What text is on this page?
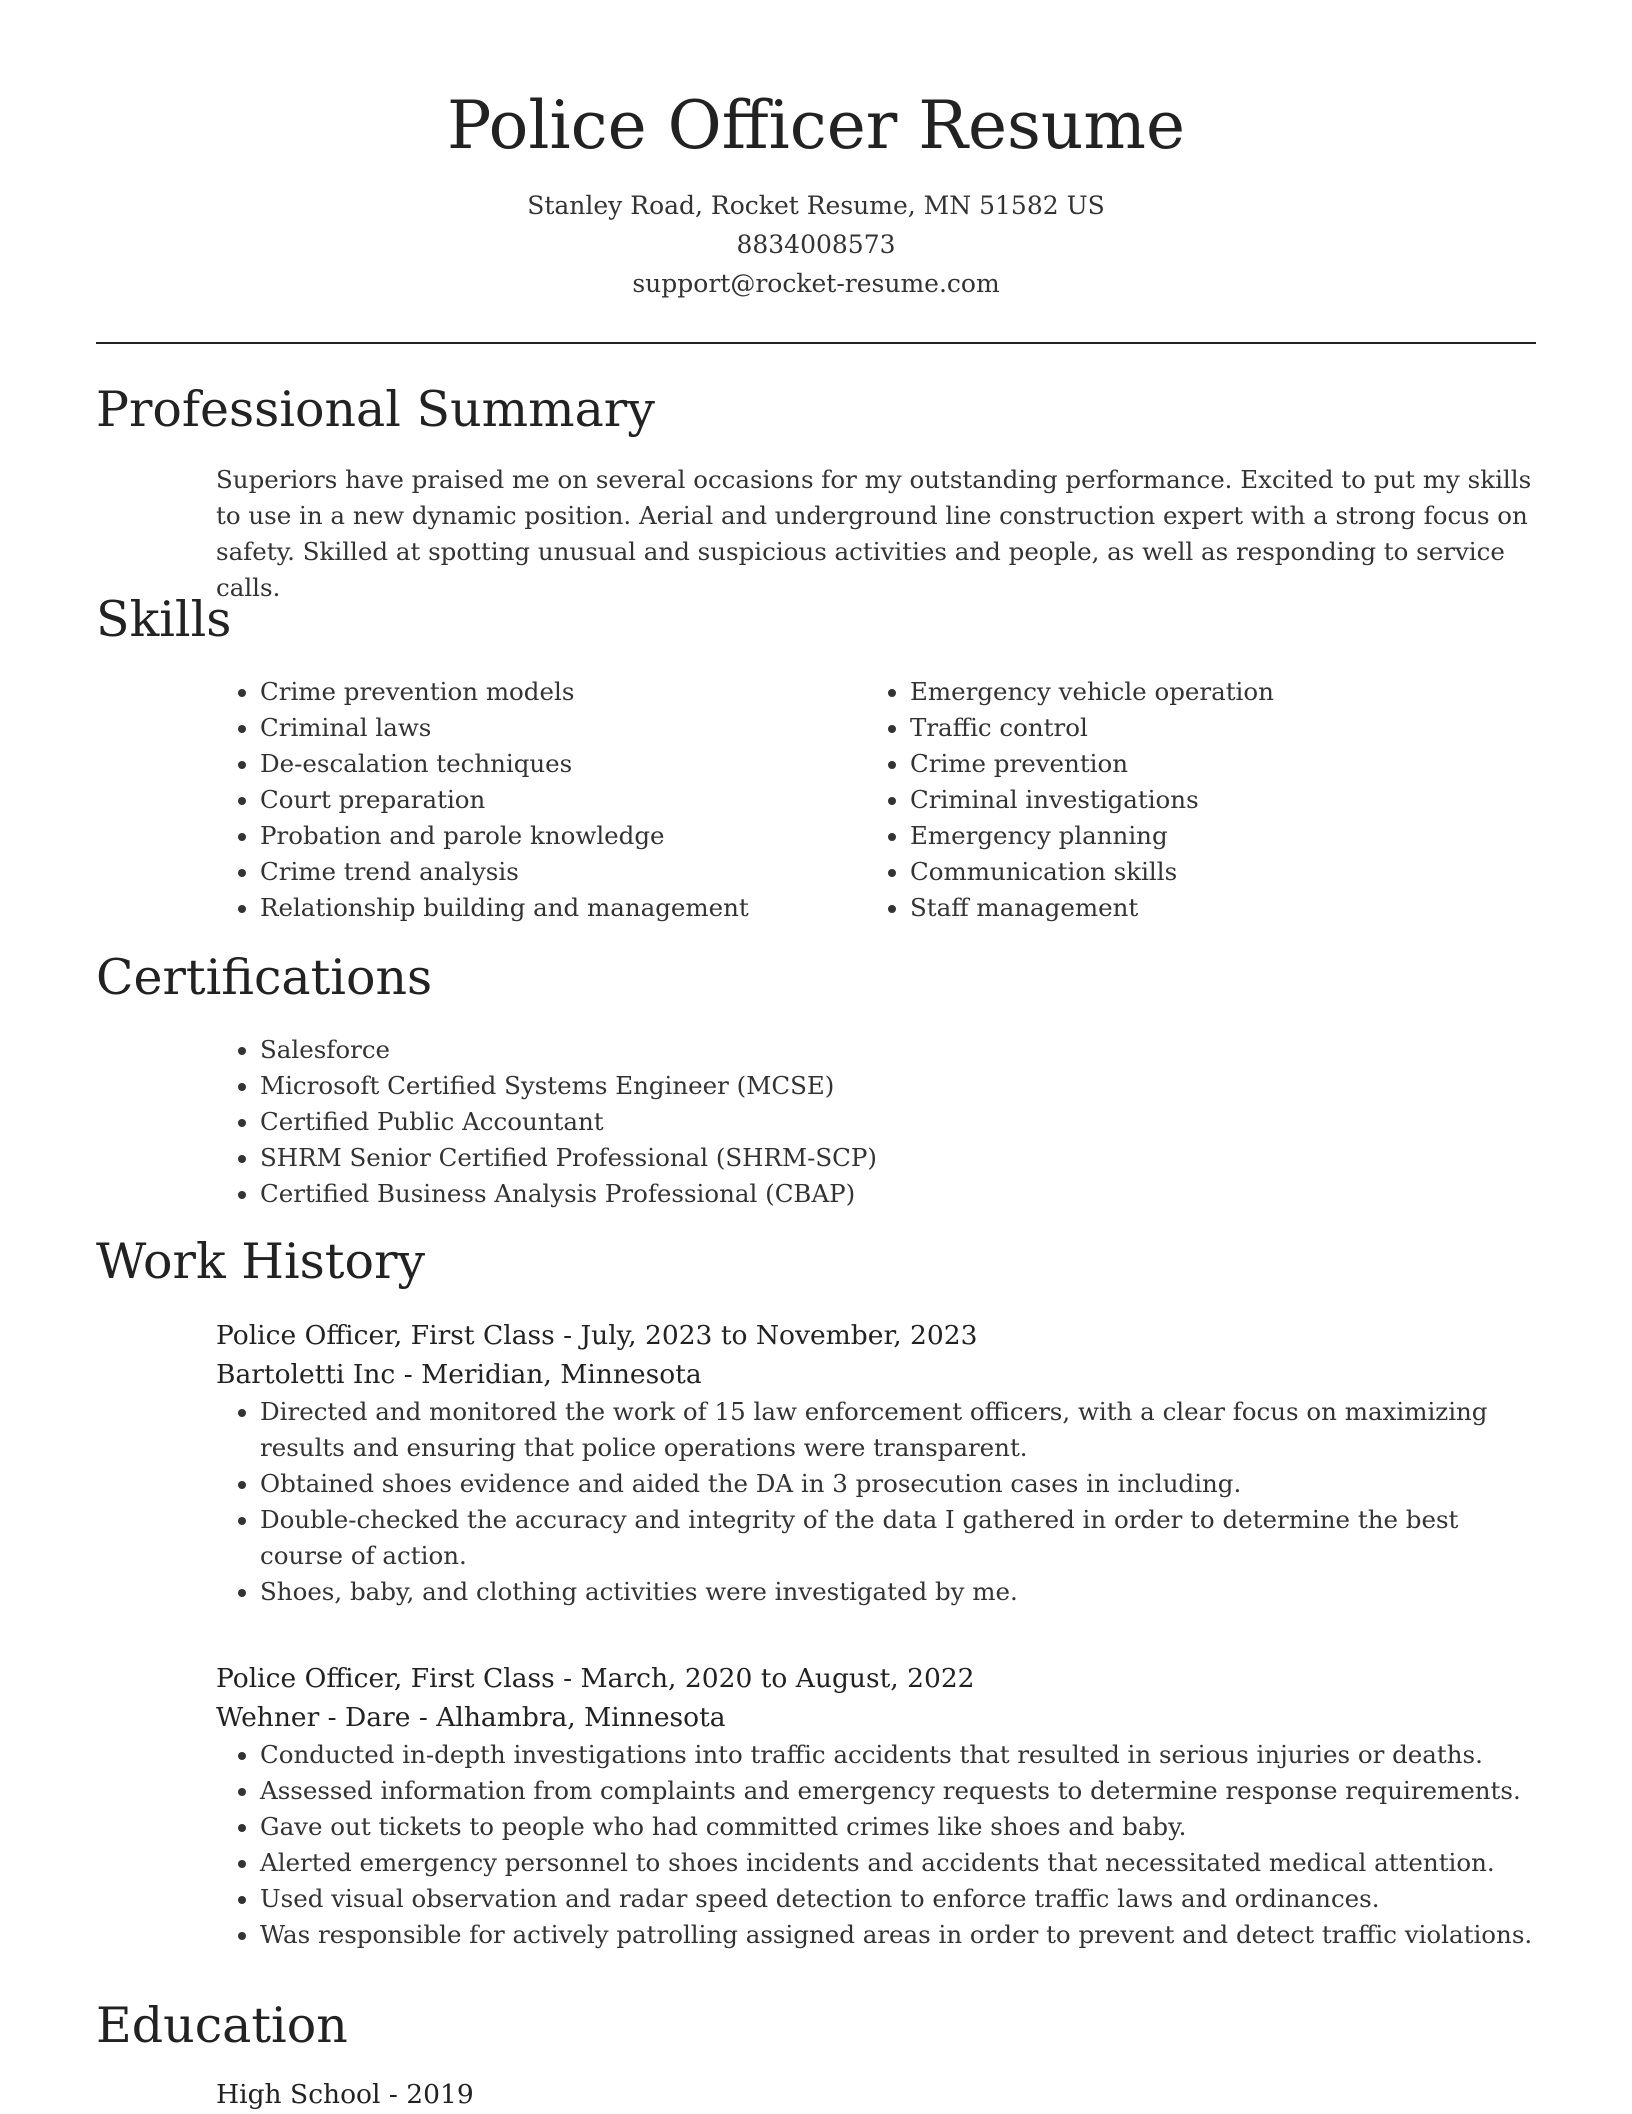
Police Officer Resume
Stanley Road, Rocket Resume, MN 51582 US
8834008573
support@rocket-resume.com
Professional Summary

Superiors have praised me on several occasions for my outstanding performance. Excited to put my skills to use in a new dynamic position. Aerial and underground line construction expert with a strong focus on safety. Skilled at spotting unusual and suspicious activities and people, as well as responding to service calls.

Skills
• Crime prevention models
• Criminal laws
• De-escalation techniques
• Court preparation
• Probation and parole knowledge
• Crime trend analysis
• Relationship building and management
• Emergency vehicle operation
• Traffic control
• Crime prevention
• Criminal investigations
• Emergency planning
• Communication skills
• Staff management
Certifications
• Salesforce
• Microsoft Certified Systems Engineer (MCSE)
• Certified Public Accountant
• SHRM Senior Certified Professional (SHRM-SCP)
• Certified Business Analysis Professional (CBAP)
Work History
Police Officer, First Class - July, 2023 to November, 2023
Bartoletti Inc - Meridian, Minnesota
• Directed and monitored the work of 15 law enforcement officers, with a clear focus on maximizing results and ensuring that police operations were transparent.
• Obtained shoes evidence and aided the DA in 3 prosecution cases in including.
• Double-checked the accuracy and integrity of the data I gathered in order to determine the best course of action.
• Shoes, baby, and clothing activities were investigated by me.
Police Officer, First Class - March, 2020 to August, 2022
Wehner - Dare - Alhambra, Minnesota
• Conducted in-depth investigations into traffic accidents that resulted in serious injuries or deaths.
• Assessed information from complaints and emergency requests to determine response requirements.
• Gave out tickets to people who had committed crimes like shoes and baby.
• Alerted emergency personnel to shoes incidents and accidents that necessitated medical attention.
• Used visual observation and radar speed detection to enforce traffic laws and ordinances.
• Was responsible for actively patrolling assigned areas in order to prevent and detect traffic violations.
Education
High School - 2019
